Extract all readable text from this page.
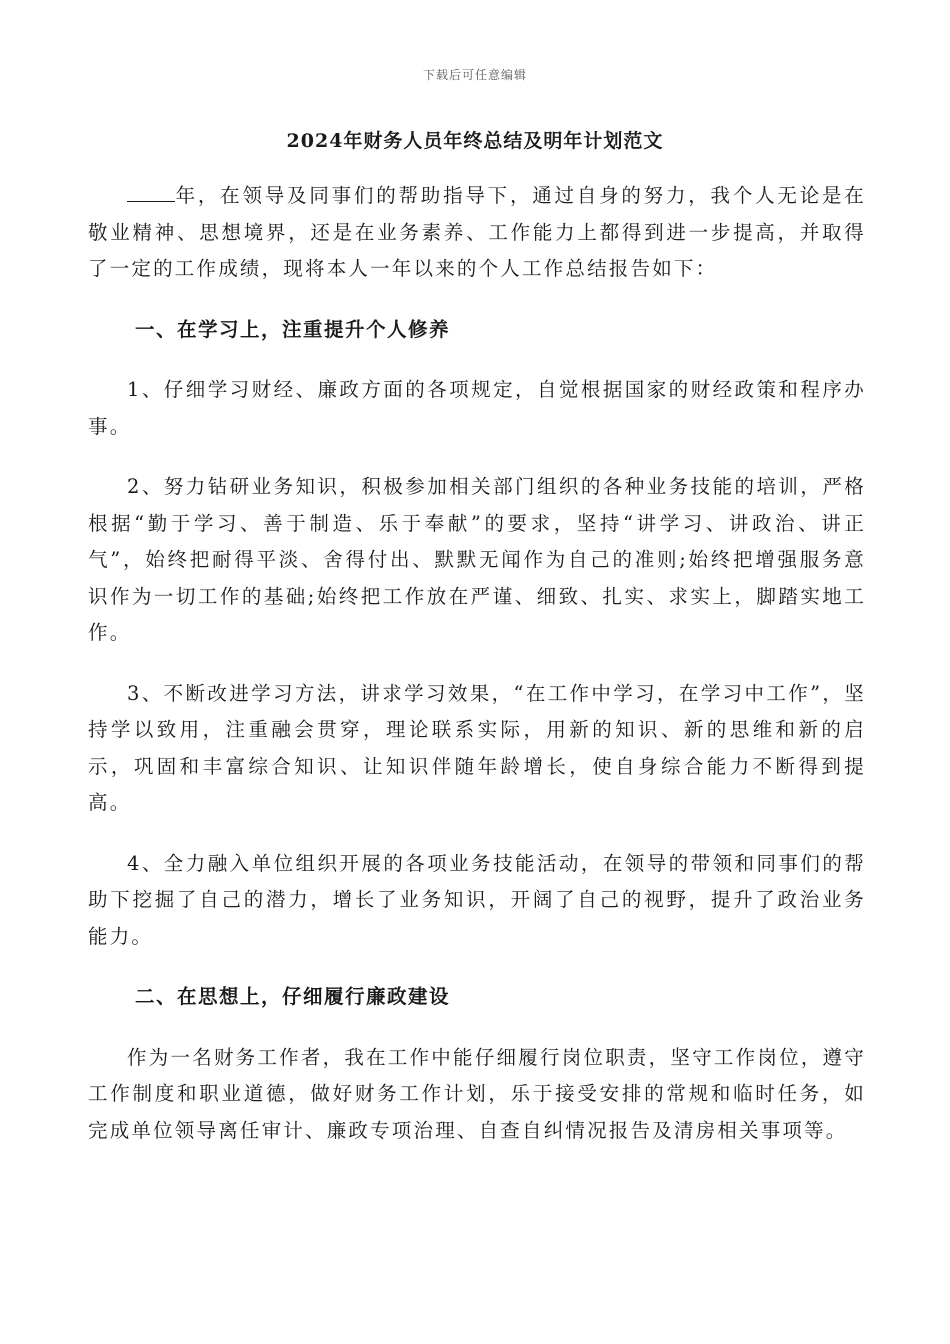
下载后可任意编辑
2024年财务人员年终总结及明年计划范文

年，在领导及同事们的帮助指导下，通过自身的努力，我个人无论是在敬业精神、思想境界，还是在业务素养、工作能力上都得到进一步提高，并取得了一定的工作成绩，现将本人一年以来的个人工作总结报告如下：

一、在学习上，注重提升个人修养

1、仔细学习财经、廉政方面的各项规定，自觉根据国家的财经政策和程序办事。

2、努力钻研业务知识，积极参加相关部门组织的各种业务技能的培训，严格根据“勤于学习、善于制造、乐于奉献”的要求，坚持“讲学习、讲政治、讲正气”，始终把耐得平淡、舍得付出、默默无闻作为自己的准则;始终把增强服务意识作为一切工作的基础;始终把工作放在严谨、细致、扎实、求实上，脚踏实地工作。

3、不断改进学习方法，讲求学习效果，“在工作中学习，在学习中工作”，坚持学以致用，注重融会贯穿，理论联系实际，用新的知识、新的思维和新的启示，巩固和丰富综合知识、让知识伴随年龄增长，使自身综合能力不断得到提高。

4、全力融入单位组织开展的各项业务技能活动，在领导的带领和同事们的帮助下挖掘了自己的潜力，增长了业务知识，开阔了自己的视野，提升了政治业务能力。

二、在思想上，仔细履行廉政建设

作为一名财务工作者，我在工作中能仔细履行岗位职责，坚守工作岗位，遵守工作制度和职业道德，做好财务工作计划，乐于接受安排的常规和临时任务，如完成单位领导离任审计、廉政专项治理、自查自纠情况报告及清房相关事项等。
